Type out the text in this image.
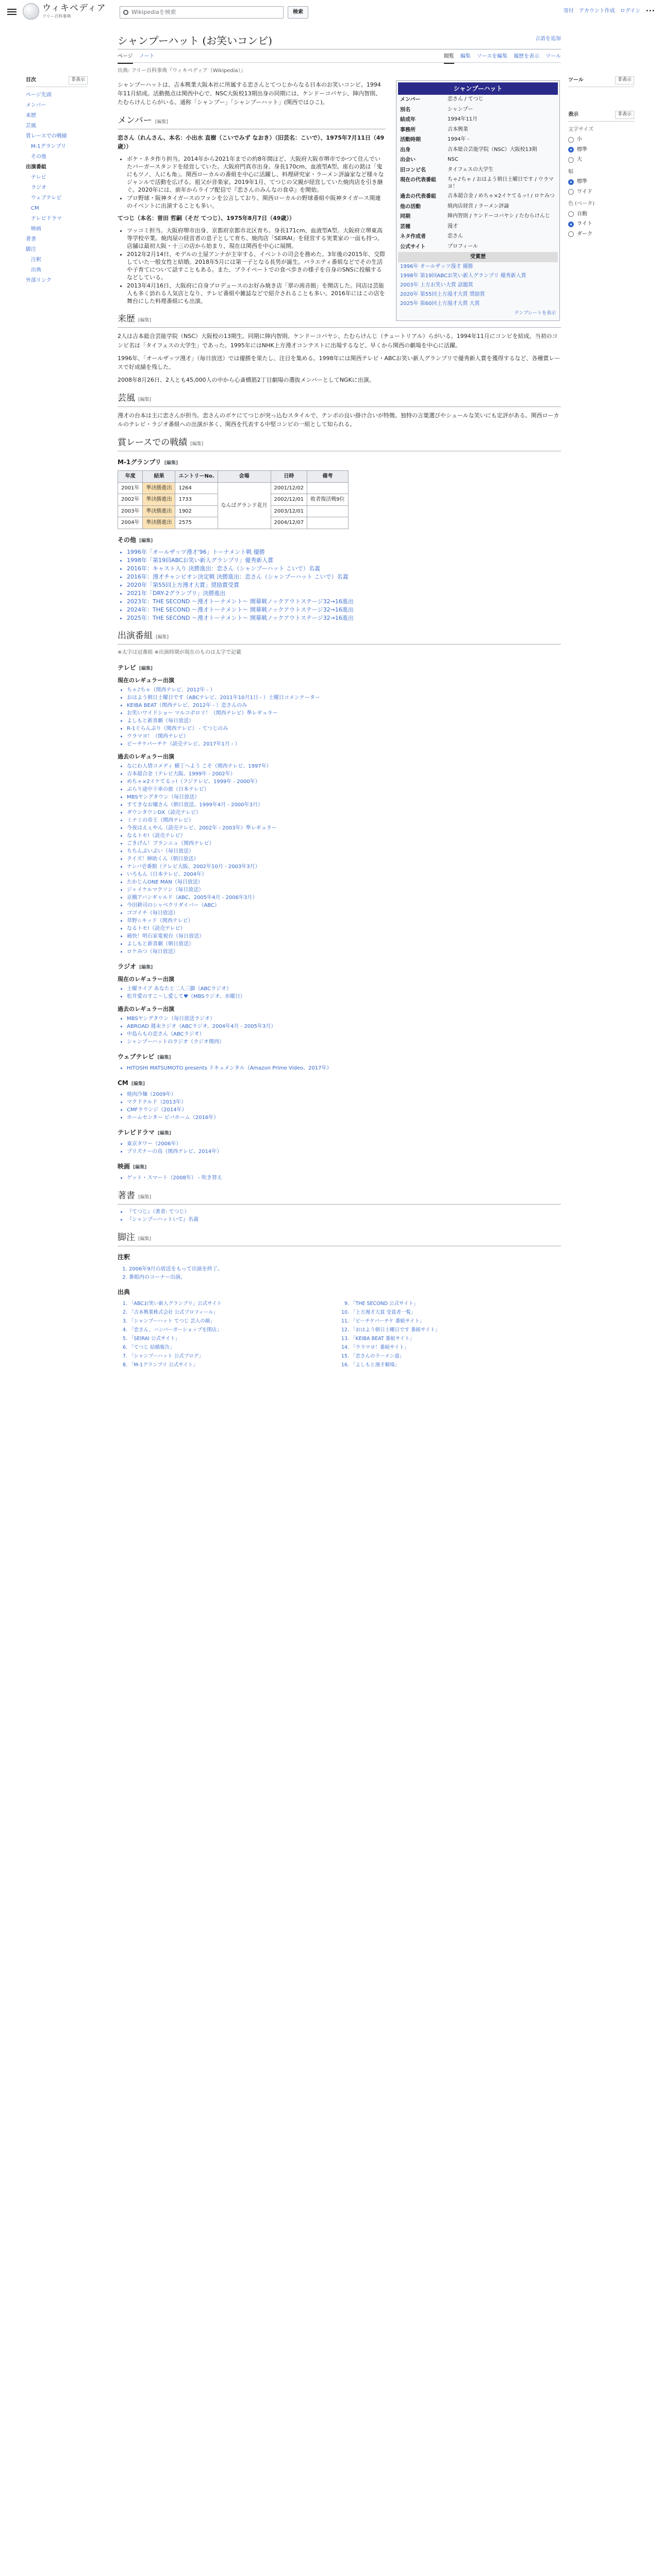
ウィキペディア
フリー百科事典
Wikipediaを検索	検索	寄付 アカウント作成 ログイン •••
目次	非表示
ページ先頭
メンバー
来歴
芸風
賞レースでの戦績
M-1グランプリ
その他
出演番組
テレビ
ラジオ
ウェブテレビ
CM
テレビドラマ
映画
著書
脚注
注釈
出典
外部リンク
ツール	非表示
表示	非表示
文字サイズ
小
標準
大
幅
標準
ワイド
色 (ベータ)
自動
ライト
ダーク
シャンプーハット (お笑いコンビ)	言語を追加
ページ ノート	閲覧 編集 ソースを編集 履歴を表示 ツール
出典: フリー百科事典『ウィキペディア（Wikipedia）』
シャンプーハット
メンバー	恋さん / てつじ
別名	シャンプー
結成年	1994年11月
事務所	吉本興業
活動時期	1994年 -
出身	吉本総合芸能学院（NSC）大阪校13期
出会い	NSC
旧コンビ名	タイフェスの大学生
現在の代表番組	ちゃ♪ちゃ / おはよう朝日土曜日です / ウラマヨ！
過去の代表番組	吉本超合金 / めちゃ×2イケてるッ! / ロケみつ
他の活動	焼肉店経営 / ラーメン評論
同期	陣内智則 / ケンドーコバヤシ / たむらけんじ
芸種	漫才
ネタ作成者	恋さん
公式サイト	プロフィール
受賞歴
1996年 オールザッツ漫才 優勝
1998年 第19回ABCお笑い新人グランプリ 優秀新人賞
2003年 上方お笑い大賞 話題賞
2020年 第55回上方漫才大賞 奨励賞
2025年 第60回上方漫才大賞 大賞
テンプレートを表示

シャンプーハットは、吉本興業大阪本社に所属する恋さんとてつじからなる日本のお笑いコンビ。1994年11月結成。活動拠点は関西中心で、NSC大阪校13期出身の同期には、ケンドーコバヤシ、陣内智則、たむらけんじらがいる。通称「シャンプー」「シャンプーハット」(関西ではひこ)。

メンバー [編集]

恋さん（れんさん、本名：小出水 直樹（こいでみず なおき）（旧芸名：こいで）、1975年7月11日（49歳））

• ボケ・ネタ作り担当。2014年から2021年までの約8年間ほど、大阪府大阪市堺市でかつて住んでいたバーガースタンドを経営していた。大阪府門真市出身。身長170cm、血液型A型。座右の銘は「鬼にもツノ、人にも角」。関西ローカルの番組を中心に活躍し、料理研究家・ラーメン評論家など様々なジャンルで活動を広げる。祖父が音楽家。2019年1月、てつじの父親が経営していた焼肉店を引き継ぐ。2020年には、前年からライブ配信で『恋さんのみんなの食卓』を開始。
• プロ野球・阪神タイガースのファンを公言しており、関西ローカルの野球番組や阪神タイガース関連のイベントに出演することも多い。

てつじ（本名：曽田 哲嗣（そだ てつじ）、1975年8月7日（49歳））

• ツッコミ担当。大阪府堺市出身、京都府京都市北区育ち。身長171cm、血液型A型。大阪府立堺東高等学校卒業。焼肉屋の経営者の息子として育ち、焼肉店「SEIRAI」を経営する実業家の一面も持つ。店舗は最初大阪・十三の店から始まり、現在は関西を中心に展開。
• 2012年2月14日、モデルの土屋アンナが主宰する、イベントの司会を務めた。3年後の2015年、交際していた一般女性と結婚。2018年5月には第一子となる長男が誕生。バラエティ番組などでその生活や子育てについて話すこともある。また、プライベートでの食べ歩きの様子を自身のSNSに投稿するなどしている。
• 2013年4月16日、大阪府に自身プロデュースのお好み焼き店「翠の茜音館」を開店した。同店は芸能人も多く訪れる人気店となり、テレビ番組や雑誌などで紹介されることも多い。2016年にはこの店を舞台にした料理番組にも出演。
来歴 [編集]

2人は吉本総合芸能学院（NSC）大阪校の13期生。同期に陣内智則、ケンドーコバヤシ、たむらけんじ（チュートリアル）らがいる。1994年11月にコンビを結成。当初のコンビ名は「タイフェスの大学生」であった。1995年にはNHK上方漫才コンテストに出場するなど、早くから関西の劇場を中心に活躍。

1996年、「オールザッツ漫才」（毎日放送）では優勝を果たし、注目を集める。1998年には関西テレビ・ABCお笑い新人グランプリで優秀新人賞を獲得するなど、各種賞レースで好成績を残した。

2008年8月26日、2人とも45,000人の中から心斎橋筋2丁目劇場の選抜メンバーとしてNGKに出演。

芸風 [編集]

漫才の台本は主に恋さんが担当。恋さんのボケにてつじが突っ込むスタイルで、テンポの良い掛け合いが特徴。独特の言葉選びやシュールな笑いにも定評がある。関西ローカルのテレビ・ラジオ番組への出演が多く、関西を代表する中堅コンビの一組として知られる。

賞レースでの戦績 [編集]
M-1グランプリ [編集]
年度	結果	エントリーNo.	会場	日時	備考
2001年	準決勝進出	1264	なんばグランド花月	2001/12/02	
2002年	準決勝進出	1733		2002/12/01	敗者復活戦9位
2003年	準決勝進出	1902		2003/12/01	
2004年	準決勝進出	2575		2004/12/07	
その他 [編集]
• 1996年「オールザッツ漫才'96」トーナメント戦 優勝
• 1998年「第19回ABCお笑い新人グランプリ」優秀新人賞
• 2016年：キャスト入り 決勝進出：恋さん（シャンプーハット こいで）名義
• 2016年：漫才チャンピオン決定戦 決勝進出：恋さん（シャンプーハット こいで）名義
• 2020年「第55回上方漫才大賞」奨励賞受賞
• 2021年「DRY-2グランプリ」決勝進出
• 2023年：THE SECOND 〜漫才トーナメント〜 開幕戦ノックアウトステージ32→16進出
• 2024年：THE SECOND 〜漫才トーナメント〜 開幕戦ノックアウトステージ32→16進出
• 2025年：THE SECOND 〜漫才トーナメント〜 開幕戦ノックアウトステージ32→16進出
出演番組 [編集]

※太字は冠番組 ※出演時期が現在のものは太字で記載

テレビ [編集]

現在のレギュラー出演

• ちゃ♪ちゃ（関西テレビ、2012年 - ）
• おはよう朝日土曜日です（ABCテレビ、2011年10月1日 - ）土曜日コメンテーター
• KEIBA BEAT（関西テレビ、2012年 - ）恋さんのみ
• お笑いワイドショー マルコポロリ！（関西テレビ）準レギュラー
• よしもと新喜劇（毎日放送）
• R-1ぐらんぷり（関西テレビ） - てつじのみ
• ウラマヨ！（関西テレビ）
• ピーチケパーチケ（読売テレビ、2017年1月 - ）

過去のレギュラー出演

• なにわ人情コメディ 横丁へよう こそ（関西テレビ、1997年）
• 吉本超合金（テレビ大阪、1999年 - 2002年）
• めちゃ×2イケてるッ!（フジテレビ、1999年 - 2000年）
• ぶらり途中下車の旅（日本テレビ）
• MBSヤングタウン（毎日放送）
• すてきなお嬢さん（朝日放送、1999年4月 - 2000年3月）
• ダウンタウンDX（読売テレビ）
• ミナミの帝王（関西テレビ）
• 今夜はえぇやん（読売テレビ、2002年 - 2003年）準レギュラー
• なるトモ!（読売テレビ）
• ごきげん！ブランニュ（関西テレビ）
• ちちんぷいぷい（毎日放送）
• クイズ！紳助くん（朝日放送）
• ナンバ壱番館（テレビ大阪、2002年10月 - 2003年3月）
• いろもん（日本テレビ、2004年）
• たかじんONE MAN（毎日放送）
• ジャイケルマクソン（毎日放送）
• 京橋アバンギャルド（ABC、2005年4月 - 2006年3月）
• 今田耕司のシャベクリダイバー（ABC）
• ゴゴイチ（毎日放送）
• 草野☆キッド（関西テレビ）
• なるトモ!（読売テレビ）
• 痛快！明石家電視台（毎日放送）
• よしもと新喜劇（朝日放送）
• ロケみつ（毎日放送）
ラジオ [編集]

現在のレギュラー出演

• 土曜ライブ あなたと二人三脚（ABCラジオ）
• 松井愛のすこ～し愛して♥（MBSラジオ、水曜日）

過去のレギュラー出演

• MBSヤングタウン（毎日放送ラジオ）
• ABROAD 週末ラジオ（ABCラジオ、2004年4月 - 2005年3月）
• 中島らもの恋さん（ABCラジオ）
• シャンプーハットのラジオ（ラジオ関西）
ウェブテレビ [編集]
• HITOSHI MATSUMOTO presents ドキュメンタル（Amazon Prime Video、2017年）
CM [編集]
• 焼肉冷麺（2009年）
• マクドナルド（2013年）
• CMFラウンジ（2014年）
• ホームセンター ビバホーム（2016年）
テレビドラマ [編集]
• 東京タワー（2006年）
• プリズナーの鳥（関西テレビ、2014年）
映画 [編集]
• ゲット・スマート（2008年） - 吹き替え
著書 [編集]
• 『てつじ』（著者: てつじ）
• 『シャンプーハットいて』名義
脚注 [編集]
注釈
1. 2006年9月の放送をもって出演を終了。
2. 番組内のコーナー出演。
出典
1. 「ABCお笑い新人グランプリ」公式サイト
2. 「吉本興業株式会社 公式プロフィール」
3. 「シャンプーハット てつじ 芸人の顔」
4. 「恋さん、ハンバーガーショップを閉店」
5. 「SEIRAI 公式サイト」
6. 「てつじ 結婚報告」
7. 「シャンプーハット 公式ブログ」
8. 「M-1グランプリ 公式サイト」
9. 「THE SECOND 公式サイト」
10. 「上方漫才大賞 受賞者一覧」
11. 「ピーチケパーチケ 番組サイト」
12. 「おはよう朝日土曜日です 番組サイト」
13. 「KEIBA BEAT 番組サイト」
14. 「ウラマヨ！番組サイト」
15. 「恋さんのラーメン道」
16. 「よしもと漫才劇場」
